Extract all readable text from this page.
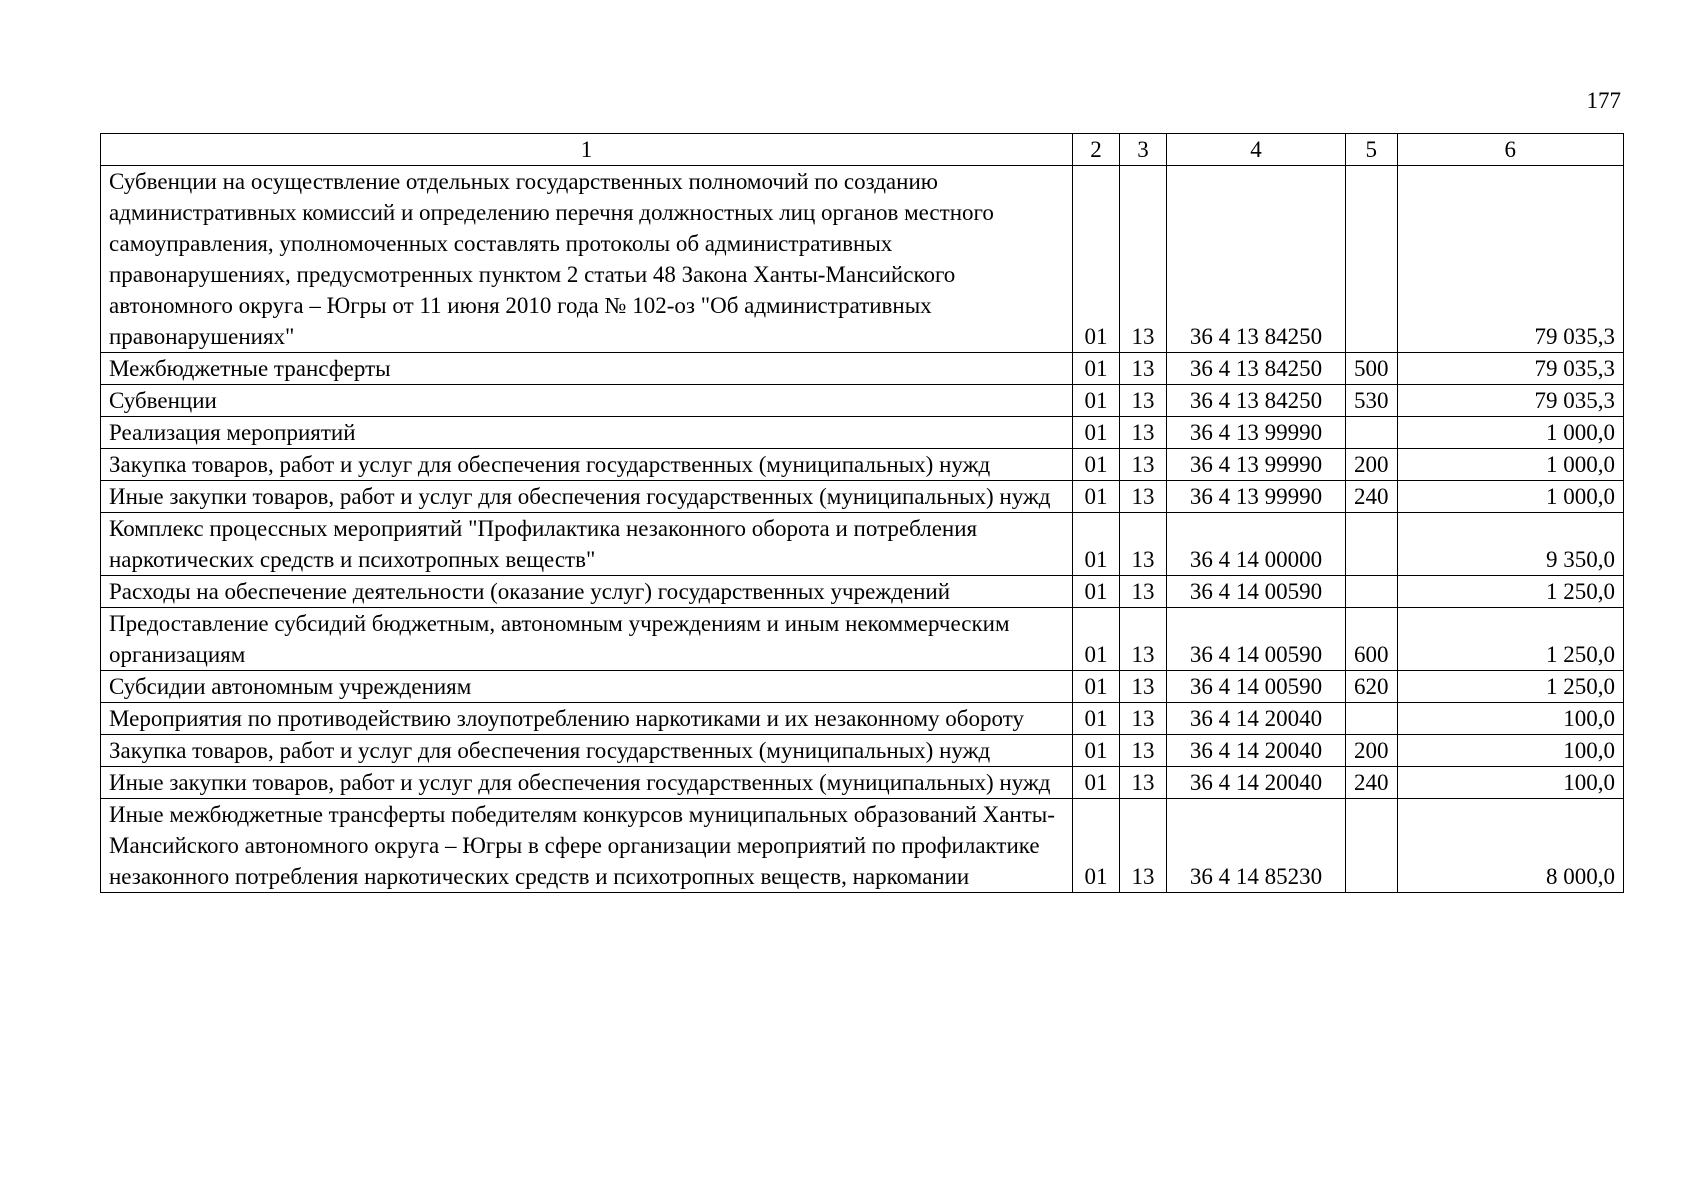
177
1	2	3	4	5	6
Субвенции на осуществление отдельных государственных полномочий по созданию административных комиссий и определению перечня должностных лиц органов местного самоуправления, уполномоченных составлять протоколы об административных правонарушениях, предусмотренных пунктом 2 статьи 48 Закона Ханты-Мансийского автономного округа – Югры от 11 июня 2010 года № 102-оз "Об административных правонарушениях"	01	13	36 4 13 84250		79 035,3
Межбюджетные трансферты	01	13	36 4 13 84250	500	79 035,3
Субвенции	01	13	36 4 13 84250	530	79 035,3
Реализация мероприятий	01	13	36 4 13 99990		1 000,0
Закупка товаров, работ и услуг для обеспечения государственных (муниципальных) нужд	01	13	36 4 13 99990	200	1 000,0
Иные закупки товаров, работ и услуг для обеспечения государственных (муниципальных) нужд	01	13	36 4 13 99990	240	1 000,0
Комплекс процессных мероприятий "Профилактика незаконного оборота и потребления наркотических средств и психотропных веществ"	01	13	36 4 14 00000		9 350,0
Расходы на обеспечение деятельности (оказание услуг) государственных учреждений	01	13	36 4 14 00590		1 250,0
Предоставление субсидий бюджетным, автономным учреждениям и иным некоммерческим организациям	01	13	36 4 14 00590	600	1 250,0
Субсидии автономным учреждениям	01	13	36 4 14 00590	620	1 250,0
Мероприятия по противодействию злоупотреблению наркотиками и их незаконному обороту	01	13	36 4 14 20040		100,0
Закупка товаров, работ и услуг для обеспечения государственных (муниципальных) нужд	01	13	36 4 14 20040	200	100,0
Иные закупки товаров, работ и услуг для обеспечения государственных (муниципальных) нужд	01	13	36 4 14 20040	240	100,0
Иные межбюджетные трансферты победителям конкурсов муниципальных образований Ханты-Мансийского автономного округа – Югры в сфере организации мероприятий по профилактике незаконного потребления наркотических средств и психотропных веществ, наркомании	01	13	36 4 14 85230		8 000,0
